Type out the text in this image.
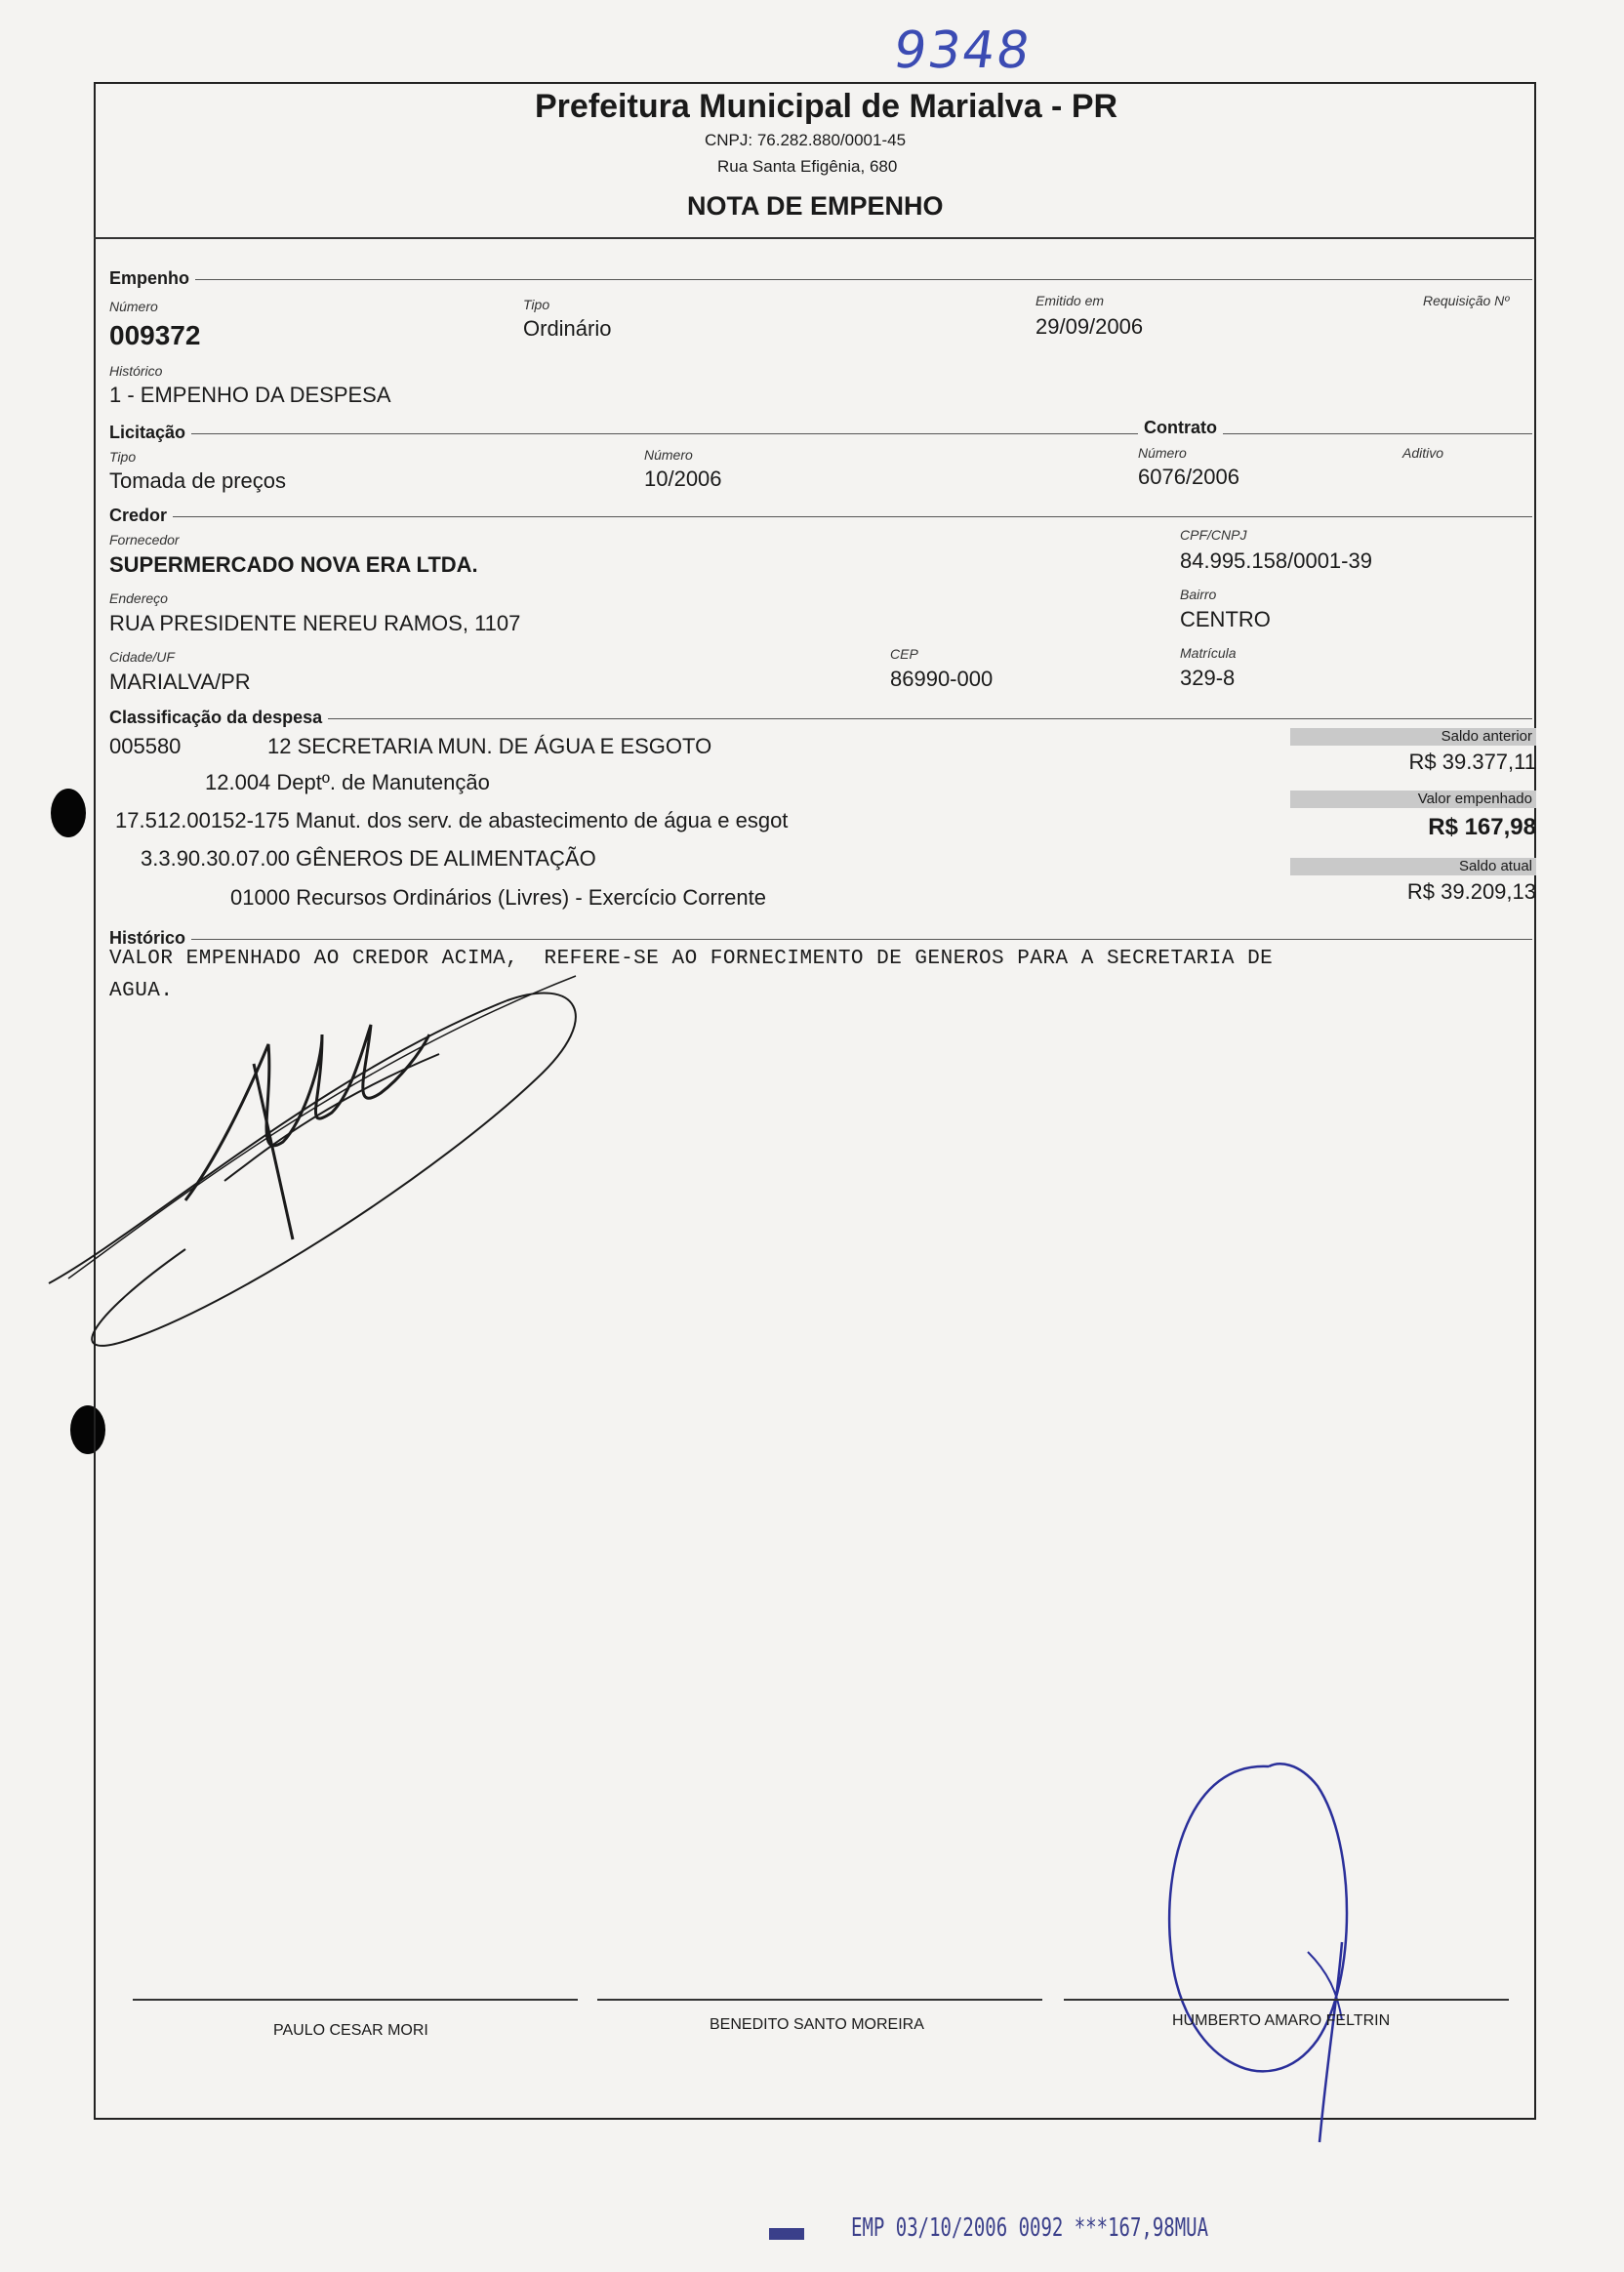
9348
Prefeitura Municipal de Marialva - PR
CNPJ: 76.282.880/0001-45
Rua Santa Efigênia, 680
NOTA DE EMPENHO
Empenho
Número
009372
Tipo
Ordinário
Emitido em
29/09/2006
Requisição Nº
Histórico
1 - EMPENHO DA DESPESA
Licitação	Contrato
Tipo
Tomada de preços
Número
10/2006
Número
6076/2006
Aditivo
Credor
Fornecedor
SUPERMERCADO NOVA ERA LTDA.
CPF/CNPJ
84.995.158/0001-39
Endereço
RUA PRESIDENTE NEREU RAMOS, 1107
Bairro
CENTRO
Cidade/UF
MARIALVA/PR
CEP
86990-000
Matrícula
329-8
Classificação da despesa
005580	12 SECRETARIA MUN. DE ÁGUA E ESGOTO
12.004 Deptº. de Manutenção
17.512.00152-175 Manut. dos serv. de abastecimento de água e esgot
3.3.90.30.07.00 GÊNEROS DE ALIMENTAÇÃO
01000 Recursos Ordinários (Livres) - Exercício Corrente
Saldo anterior
R$ 39.377,11
Valor empenhado
R$ 167,98
Saldo atual
R$ 39.209,13
Histórico
VALOR EMPENHADO AO CREDOR ACIMA,  REFERE-SE AO FORNECIMENTO DE GENEROS PARA A SECRETARIA DE
AGUA.
PAULO CESAR MORI	BENEDITO SANTO MOREIRA	HUMBERTO AMARO FELTRIN
EMP 03/10/2006 0092 ***167,98MUA
